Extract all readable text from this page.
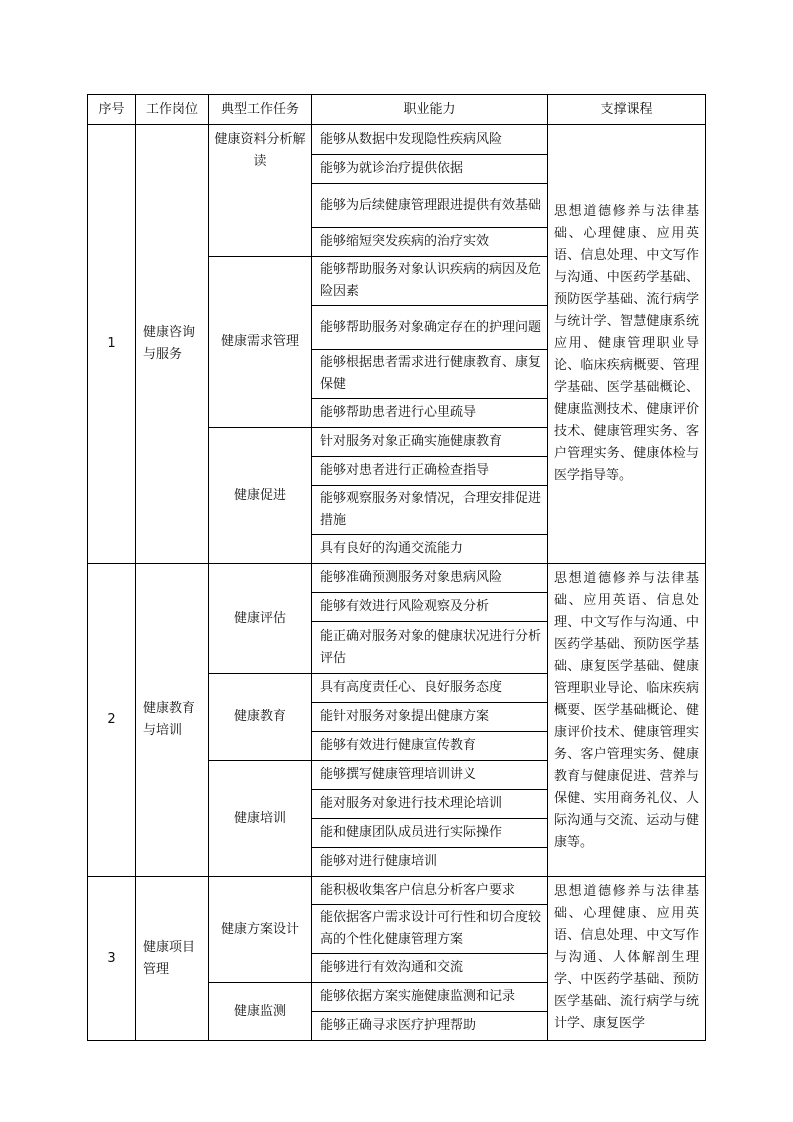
序号	工作岗位	典型工作任务	职业能力	支撑课程
1	健康咨询与服务	健康资料分析解读	能够从数据中发现隐性疾病风险	思想道德修养与法律基础、心理健康、应用英语、信息处理、中文写作与沟通、中医药学基础、预防医学基础、流行病学与统计学、智慧健康系统应用、健康管理职业导论、临床疾病概要、管理学基础、医学基础概论、健康监测技术、健康评价技术、健康管理实务、客户管理实务、健康体检与医学指导等。
			能够为就诊治疗提供依据	
			能够为后续健康管理跟进提供有效基础	
			能够缩短突发疾病的治疗实效	
		健康需求管理	能够帮助服务对象认识疾病的病因及危险因素	
			能够帮助服务对象确定存在的护理问题	
			能够根据患者需求进行健康教育、康复保健	
			能够帮助患者进行心里疏导	
		健康促进	针对服务对象正确实施健康教育	
			能够对患者进行正确检查指导	
			能够观察服务对象情况，合理安排促进措施	
			具有良好的沟通交流能力	
2	健康教育与培训	健康评估	能够准确预测服务对象患病风险	思想道德修养与法律基础、应用英语、信息处理、中文写作与沟通、中医药学基础、预防医学基础、康复医学基础、健康管理职业导论、临床疾病概要、医学基础概论、健康评价技术、健康管理实务、客户管理实务、健康教育与健康促进、营养与保健、实用商务礼仪、人际沟通与交流、运动与健康等。
			能够有效进行风险观察及分析	
			能正确对服务对象的健康状况进行分析评估	
		健康教育	具有高度责任心、良好服务态度	
			能针对服务对象提出健康方案	
			能够有效进行健康宣传教育	
		健康培训	能够撰写健康管理培训讲义	
			能对服务对象进行技术理论培训	
			能和健康团队成员进行实际操作	
			能够对进行健康培训	
3	健康项目管理	健康方案设计	能积极收集客户信息分析客户要求	思想道德修养与法律基础、心理健康、应用英语、信息处理、中文写作与沟通、人体解剖生理学、中医药学基础、预防医学基础、流行病学与统计学、康复医学
			能依据客户需求设计可行性和切合度较高的个性化健康管理方案	
			能够进行有效沟通和交流	
		健康监测	能够依据方案实施健康监测和记录	
			能够正确寻求医疗护理帮助	
